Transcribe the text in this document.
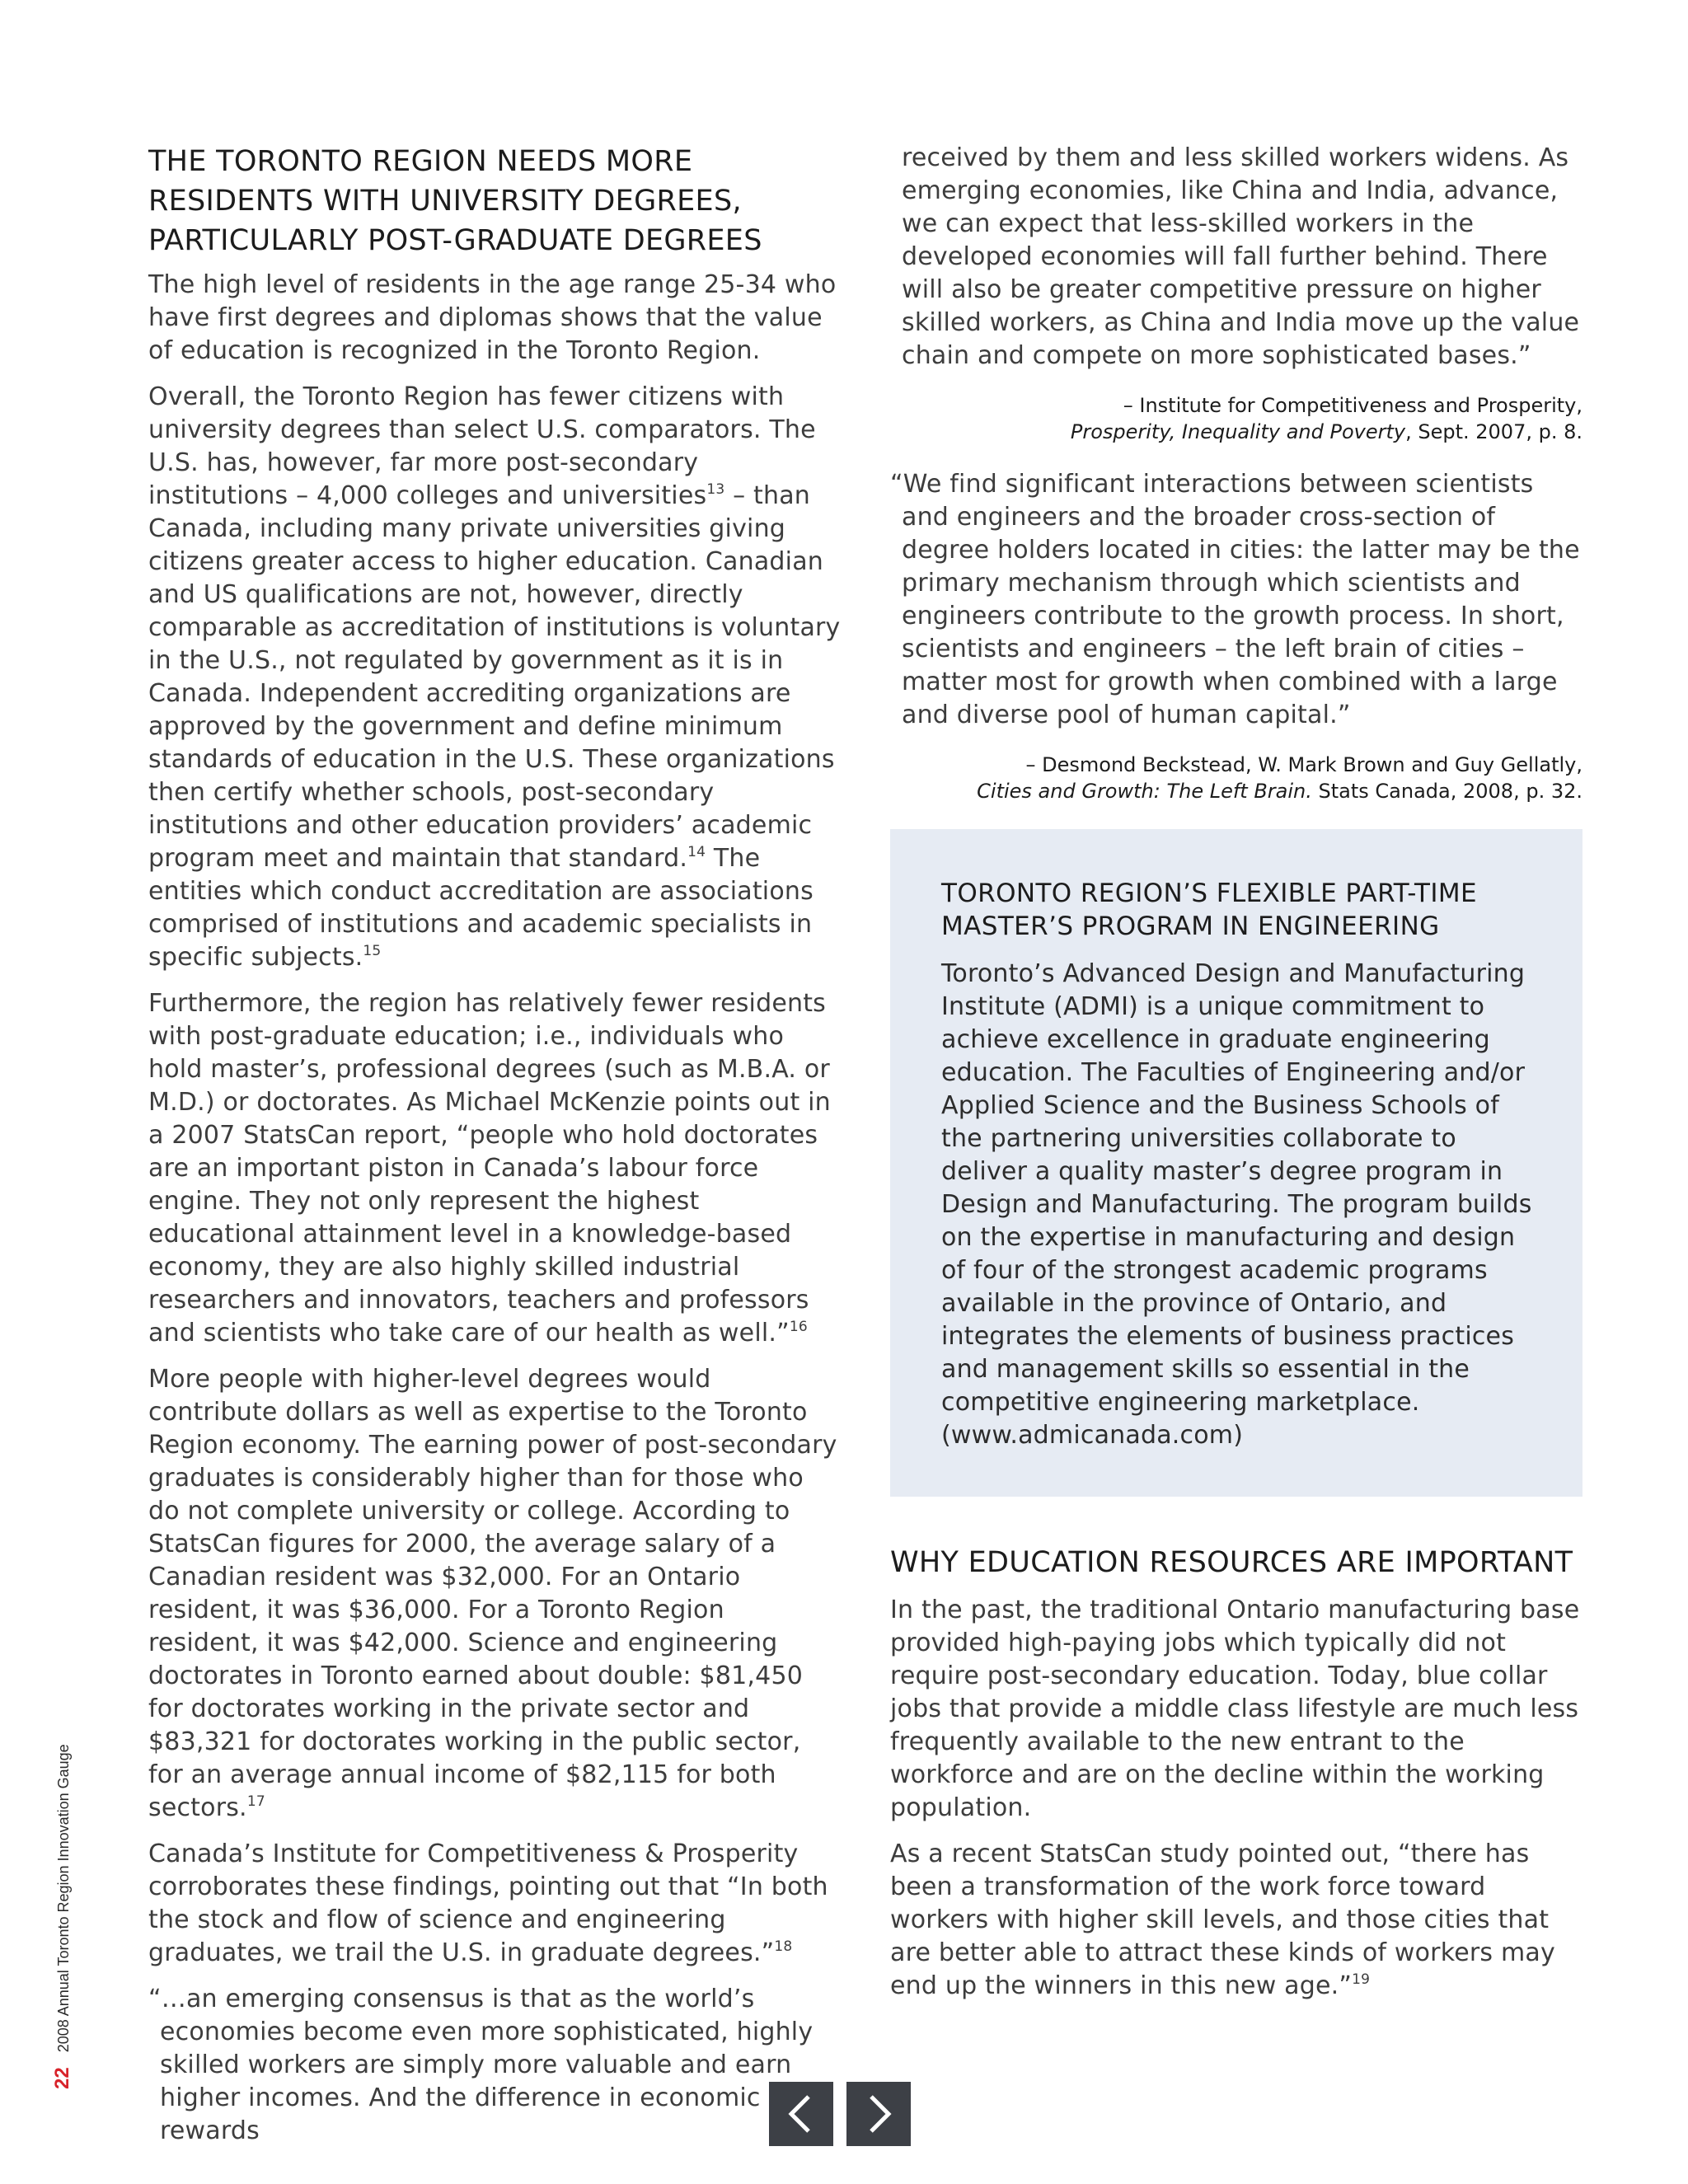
THE TORONTO REGION NEEDS MORE RESIDENTS WITH UNIVERSITY DEGREES, PARTICULARLY POST-GRADUATE DEGREES

The high level of residents in the age range 25-34 who have first degrees and diplomas shows that the value of education is recognized in the Toronto Region.

Overall, the Toronto Region has fewer citizens with university degrees than select U.S. comparators. The U.S. has, however, far more post-secondary institutions – 4,000 colleges and universities$^{13}$ – than Canada, including many private universities giving citizens greater access to higher education. Canadian and US qualifications are not, however, directly comparable as accreditation of institutions is voluntary in the U.S., not regulated by government as it is in Canada. Independent accrediting organizations are approved by the government and define minimum standards of education in the U.S. These organizations then certify whether schools, post-secondary institutions and other education providers’ academic program meet and maintain that standard.$^{14}$ The entities which conduct accreditation are associations comprised of institutions and academic specialists in specific subjects.$^{15}$

Furthermore, the region has relatively fewer residents with post-graduate education; i.e., individuals who hold master’s, professional degrees (such as M.B.A. or M.D.) or doctorates. As Michael McKenzie points out in a 2007 StatsCan report, “people who hold doctorates are an important piston in Canada’s labour force engine. They not only represent the highest educational attainment level in a knowledge-based economy, they are also highly skilled industrial researchers and innovators, teachers and professors and scientists who take care of our health as well.”$^{16}$

More people with higher-level degrees would contribute dollars as well as expertise to the Toronto Region economy. The earning power of post-secondary graduates is considerably higher than for those who do not complete university or college. According to StatsCan figures for 2000, the average salary of a Canadian resident was $32,000. For an Ontario resident, it was $36,000. For a Toronto Region resident, it was $42,000. Science and engineering doctorates in Toronto earned about double: $81,450 for doctorates working in the private sector and $83,321 for doctorates working in the public sector, for an average annual income of $82,115 for both sectors.$^{17}$

Canada’s Institute for Competitiveness & Prosperity corroborates these findings, pointing out that “In both the stock and flow of science and engineering graduates, we trail the U.S. in graduate degrees.”$^{18}$

“…an emerging consensus is that as the world’s economies become even more sophisticated, highly skilled workers are simply more valuable and earn higher incomes. And the difference in economic rewards

received by them and less skilled workers widens. As emerging economies, like China and India, advance, we can expect that less-skilled workers in the developed economies will fall further behind. There will also be greater competitive pressure on higher skilled workers, as China and India move up the value chain and compete on more sophisticated bases.”

– Institute for Competitiveness and Prosperity,
Prosperity, Inequality and Poverty, Sept. 2007, p. 8.

“We find significant interactions between scientists and engineers and the broader cross-section of degree holders located in cities: the latter may be the primary mechanism through which scientists and engineers contribute to the growth process. In short, scientists and engineers – the left brain of cities – matter most for growth when combined with a large and diverse pool of human capital.”

– Desmond Beckstead, W. Mark Brown and Guy Gellatly,
Cities and Growth: The Left Brain. Stats Canada, 2008, p. 32.
TORONTO REGION’S FLEXIBLE PART-TIME MASTER’S PROGRAM IN ENGINEERING

Toronto’s Advanced Design and Manufacturing Institute (ADMI) is a unique commitment to achieve excellence in graduate engineering education. The Faculties of Engineering and/or Applied Science and the Business Schools of the partnering universities collaborate to deliver a quality master’s degree program in Design and Manufacturing. The program builds on the expertise in manufacturing and design of four of the strongest academic programs available in the province of Ontario, and integrates the elements of business practices and management skills so essential in the competitive engineering marketplace. (www.admicanada.com)

WHY EDUCATION RESOURCES ARE IMPORTANT

In the past, the traditional Ontario manufacturing base provided high-paying jobs which typically did not require post-secondary education. Today, blue collar jobs that provide a middle class lifestyle are much less frequently available to the new entrant to the workforce and are on the decline within the working population.

As a recent StatsCan study pointed out, “there has been a transformation of the work force toward workers with higher skill levels, and those cities that are better able to attract these kinds of workers may end up the winners in this new age.”$^{19}$

222008 Annual Toronto Region Innovation Gauge
